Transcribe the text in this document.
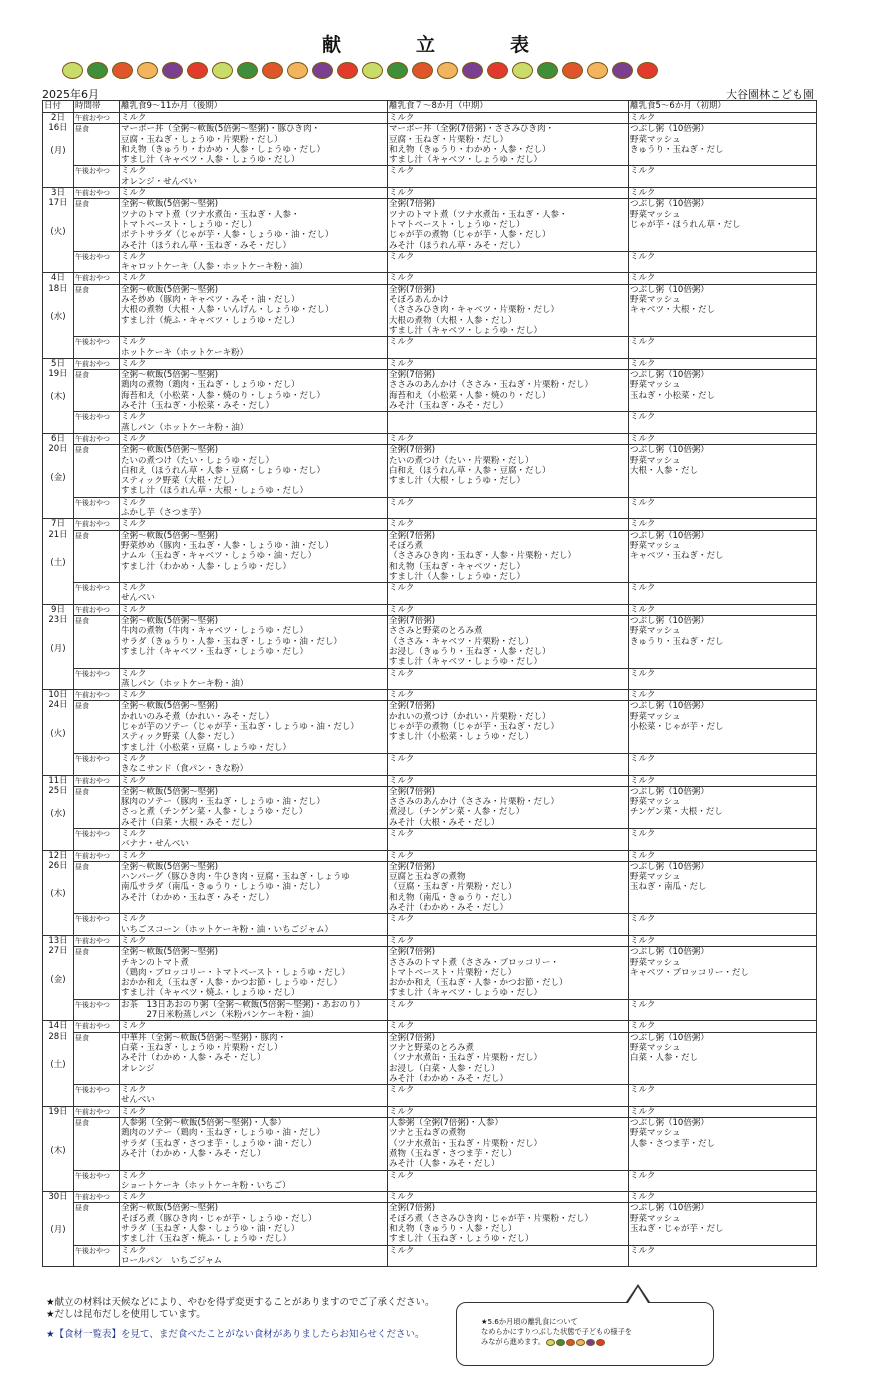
献　立　表
2025年6月	大谷園林こども園
日付	時間帯	離乳食9～11か月（後期）	離乳食７～8か月（中期）	離乳食5～6か月（初期）

2日
16日
(月)	午前おやつ	ミルク	ミルク	ミルク
	昼食	マーボー丼（全粥～軟飯(5倍粥～堅粥)・豚ひき肉・
豆腐・玉ねぎ・しょうゆ・片栗粉・だし）
和え物（きゅうり・わかめ・人参・しょうゆ・だし）
すまし汁（キャベツ・人参・しょうゆ・だし）	マーボー丼（全粥(7倍粥)・ささみひき肉・
豆腐・玉ねぎ・片栗粉・だし）
和え物（きゅうり・わかめ・人参・だし）
すまし汁（キャベツ・しょうゆ・だし）	つぶし粥（10倍粥）
野菜マッシュ
きゅうり・玉ねぎ・だし
	午後おやつ	ミルク
オレンジ・せんべい	ミルク	ミルク

3日
17日
(火)	午前おやつ	ミルク	ミルク	ミルク
	昼食	全粥～軟飯(5倍粥～堅粥)
ツナのトマト煮（ツナ水煮缶・玉ねぎ・人参・
トマトペースト・しょうゆ・だし）
ポテトサラダ（じゃが芋・人参・しょうゆ・油・だし）
みそ汁（ほうれん草・玉ねぎ・みそ・だし）	全粥(7倍粥)
ツナのトマト煮（ツナ水煮缶・玉ねぎ・人参・
トマトペースト・しょうゆ・だし）
じゃが芋の煮物（じゃが芋・人参・だし）
みそ汁（ほうれん草・みそ・だし）	つぶし粥（10倍粥）
野菜マッシュ
じゃが芋・ほうれん草・だし
	午後おやつ	ミルク
キャロットケーキ（人参・ホットケーキ粉・油）	ミルク	ミルク

4日
18日
(水)	午前おやつ	ミルク	ミルク	ミルク
	昼食	全粥～軟飯(5倍粥～堅粥)
みそ炒め（豚肉・キャベツ・みそ・油・だし）
大根の煮物（大根・人参・いんげん・しょうゆ・だし）
すまし汁（焼ふ・キャベツ・しょうゆ・だし）	全粥(7倍粥)
そぼろあんかけ
（ささみひき肉・キャベツ・片栗粉・だし）
大根の煮物（大根・人参・だし）
すまし汁（キャベツ・しょうゆ・だし）	つぶし粥（10倍粥）
野菜マッシュ
キャベツ・大根・だし
	午後おやつ	ミルク
ホットケーキ（ホットケーキ粉）	ミルク	ミルク

5日
19日
(木)	午前おやつ	ミルク	ミルク	ミルク
	昼食	全粥～軟飯(5倍粥～堅粥)
鶏肉の煮物（鶏肉・玉ねぎ・しょうゆ・だし）
海苔和え（小松菜・人参・焼のり・しょうゆ・だし）
みそ汁（玉ねぎ・小松菜・みそ・だし）	全粥(7倍粥)
ささみのあんかけ（ささみ・玉ねぎ・片栗粉・だし）
海苔和え（小松菜・人参・焼のり・だし）
みそ汁（玉ねぎ・みそ・だし）	つぶし粥（10倍粥）
野菜マッシュ
玉ねぎ・小松菜・だし
	午後おやつ	ミルク
蒸しパン（ホットケーキ粉・油）		ミルク

6日
20日
(金)	午前おやつ	ミルク	ミルク	ミルク
	昼食	全粥～軟飯(5倍粥～堅粥)
たいの煮つけ（たい・しょうゆ・だし）
白和え（ほうれん草・人参・豆腐・しょうゆ・だし）
スティック野菜（大根・だし）
すまし汁（ほうれん草・大根・しょうゆ・だし）	全粥(7倍粥)
たいの煮つけ（たい・片栗粉・だし）
白和え（ほうれん草・人参・豆腐・だし）
すまし汁（大根・しょうゆ・だし）	つぶし粥（10倍粥）
野菜マッシュ
大根・人参・だし
	午後おやつ	ミルク
ふかし芋（さつま芋）	ミルク	ミルク

7日
21日
(土)	午前おやつ	ミルク	ミルク	ミルク
	昼食	全粥～軟飯(5倍粥～堅粥)
野菜炒め（豚肉・玉ねぎ・人参・しょうゆ・油・だし）
ナムル（玉ねぎ・キャベツ・しょうゆ・油・だし）
すまし汁（わかめ・人参・しょうゆ・だし）	全粥(7倍粥)
そぼろ煮
（ささみひき肉・玉ねぎ・人参・片栗粉・だし）
和え物（玉ねぎ・キャベツ・だし）
すまし汁（人参・しょうゆ・だし）	つぶし粥（10倍粥）
野菜マッシュ
キャベツ・玉ねぎ・だし
	午後おやつ	ミルク
せんべい	ミルク	ミルク

9日
23日
(月)	午前おやつ	ミルク	ミルク	ミルク
	昼食	全粥～軟飯(5倍粥～堅粥)
牛肉の煮物（牛肉・キャベツ・しょうゆ・だし）
サラダ（きゅうり・人参・玉ねぎ・しょうゆ・油・だし）
すまし汁（キャベツ・玉ねぎ・しょうゆ・だし）	全粥(7倍粥)
ささみと野菜のとろみ煮
（ささみ・キャベツ・片栗粉・だし）
お浸し（きゅうり・玉ねぎ・人参・だし）
すまし汁（キャベツ・しょうゆ・だし）	つぶし粥（10倍粥）
野菜マッシュ
きゅうり・玉ねぎ・だし
	午後おやつ	ミルク
蒸しパン（ホットケーキ粉・油）	ミルク	ミルク

10日
24日
(火)	午前おやつ	ミルク	ミルク	ミルク
	昼食	全粥～軟飯(5倍粥～堅粥)
かれいのみそ煮（かれい・みそ・だし）
じゃが芋のソテー（じゃが芋・玉ねぎ・しょうゆ・油・だし）
スティック野菜（人参・だし）
すまし汁（小松菜・豆腐・しょうゆ・だし）	全粥(7倍粥)
かれいの煮つけ（かれい・片栗粉・だし）
じゃが芋の煮物（じゃが芋・玉ねぎ・だし）
すまし汁（小松菜・しょうゆ・だし）	つぶし粥（10倍粥）
野菜マッシュ
小松菜・じゃが芋・だし
	午後おやつ	ミルク
きなこサンド（食パン・きな粉）	ミルク	ミルク

11日
25日
(水)	午前おやつ	ミルク	ミルク	ミルク
	昼食	全粥～軟飯(5倍粥～堅粥)
豚肉のソテー（豚肉・玉ねぎ・しょうゆ・油・だし）
さっと煮（チンゲン菜・人参・しょうゆ・だし）
みそ汁（白菜・大根・みそ・だし）	全粥(7倍粥)
ささみのあんかけ（ささみ・片栗粉・だし）
煮浸し（チンゲン菜・人参・だし）
みそ汁（大根・みそ・だし）	つぶし粥（10倍粥）
野菜マッシュ
チンゲン菜・大根・だし
	午後おやつ	ミルク
バナナ・せんべい	ミルク	ミルク

12日
26日
(木)	午前おやつ	ミルク	ミルク	ミルク
	昼食	全粥～軟飯(5倍粥～堅粥)
ハンバーグ（豚ひき肉・牛ひき肉・豆腐・玉ねぎ・しょうゆ
南瓜サラダ（南瓜・きゅうり・しょうゆ・油・だし）
みそ汁（わかめ・玉ねぎ・みそ・だし）	全粥(7倍粥)
豆腐と玉ねぎの煮物
（豆腐・玉ねぎ・片栗粉・だし）
和え物（南瓜・きゅうり・だし）
みそ汁（わかめ・みそ・だし）	つぶし粥（10倍粥）
野菜マッシュ
玉ねぎ・南瓜・だし
	午後おやつ	ミルク
いちごスコーン（ホットケーキ粉・油・いちごジャム）	ミルク	ミルク

13日
27日
(金)	午前おやつ	ミルク	ミルク	ミルク
	昼食	全粥～軟飯(5倍粥～堅粥)
チキンのトマト煮
（鶏肉・ブロッコリー・トマトペースト・しょうゆ・だし）
おかか和え（玉ねぎ・人参・かつお節・しょうゆ・だし）
すまし汁（キャベツ・焼ふ・しょうゆ・だし）	全粥(7倍粥)
ささみのトマト煮（ささみ・ブロッコリー・
トマトペースト・片栗粉・だし）
おかか和え（玉ねぎ・人参・かつお節・だし）
すまし汁（キャベツ・しょうゆ・だし）	つぶし粥（10倍粥）
野菜マッシュ
キャベツ・ブロッコリー・だし
	午後おやつ	お茶　13日あおのり粥（全粥～軟飯(5倍粥～堅粥)・あおのり）
　　　27日米粉蒸しパン（米粉パンケーキ粉・油）	ミルク	ミルク

14日
28日
(土)	午前おやつ	ミルク	ミルク	ミルク
	昼食	中華丼（全粥～軟飯(5倍粥～堅粥)・豚肉・
白菜・玉ねぎ・しょうゆ・片栗粉・だし）
みそ汁（わかめ・人参・みそ・だし）
オレンジ	全粥(7倍粥)
ツナと野菜のとろみ煮
（ツナ水煮缶・玉ねぎ・片栗粉・だし）
お浸し（白菜・人参・だし）
みそ汁（わかめ・みそ・だし）	つぶし粥（10倍粥）
野菜マッシュ
白菜・人参・だし
	午後おやつ	ミルク
せんべい	ミルク	ミルク

19日
(木)	午前おやつ	ミルク	ミルク	ミルク
	昼食	人参粥（全粥～軟飯(5倍粥～堅粥)・人参）
鶏肉のソテー（鶏肉・玉ねぎ・しょうゆ・油・だし）
サラダ（玉ねぎ・さつま芋・しょうゆ・油・だし）
みそ汁（わかめ・人参・みそ・だし）	人参粥（全粥(7倍粥)・人参）
ツナと玉ねぎの煮物
（ツナ水煮缶・玉ねぎ・片栗粉・だし）
煮物（玉ねぎ・さつま芋・だし）
みそ汁（人参・みそ・だし）	つぶし粥（10倍粥）
野菜マッシュ
人参・さつま芋・だし
	午後おやつ	ミルク
ショートケーキ（ホットケーキ粉・いちご）	ミルク	ミルク

30日
(月)	午前おやつ	ミルク	ミルク	ミルク
	昼食	全粥～軟飯(5倍粥～堅粥)
そぼろ煮（豚ひき肉・じゃが芋・しょうゆ・だし）
サラダ（玉ねぎ・人参・しょうゆ・油・だし）
すまし汁（玉ねぎ・焼ふ・しょうゆ・だし）	全粥(7倍粥)
そぼろ煮（ささみひき肉・じゃが芋・片栗粉・だし）
和え物（きゅうり・人参・だし）
すまし汁（玉ねぎ・しょうゆ・だし）	つぶし粥（10倍粥）
野菜マッシュ
玉ねぎ・じゃが芋・だし
	午後おやつ	ミルク
ロールパン　いちごジャム	ミルク	ミルク
★献立の材料は天候などにより、やむを得ず変更することがありますのでご了承ください。
★だしは昆布だしを使用しています。
★【食材一覧表】を見て、まだ食べたことがない食材がありましたらお知らせください。
★5.6か月頃の離乳食について
なめらかにすりつぶした状態で子どもの様子を
みながら進めます。
